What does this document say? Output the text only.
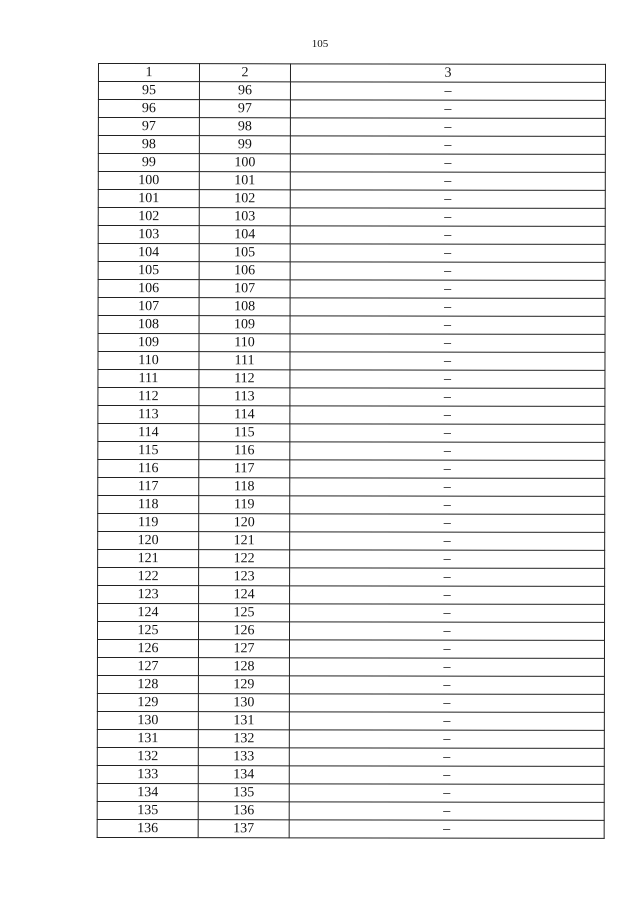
105
1	2	3
95	96	–
96	97	–
97	98	–
98	99	–
99	100	–
100	101	–
101	102	–
102	103	–
103	104	–
104	105	–
105	106	–
106	107	–
107	108	–
108	109	–
109	110	–
110	111	–
111	112	–
112	113	–
113	114	–
114	115	–
115	116	–
116	117	–
117	118	–
118	119	–
119	120	–
120	121	–
121	122	–
122	123	–
123	124	–
124	125	–
125	126	–
126	127	–
127	128	–
128	129	–
129	130	–
130	131	–
131	132	–
132	133	–
133	134	–
134	135	–
135	136	–
136	137	–
